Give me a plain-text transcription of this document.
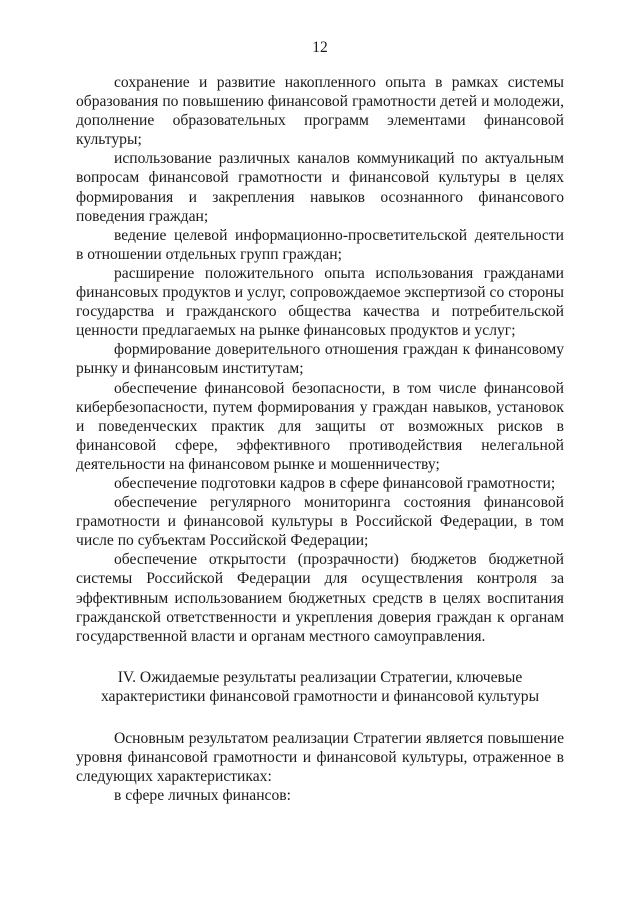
12

сохранение и развитие накопленного опыта в рамках системы образования по повышению финансовой грамотности детей и молодежи, дополнение образовательных программ элементами финансовой культуры;

использование различных каналов коммуникаций по актуальным вопросам финансовой грамотности и финансовой культуры в целях формирования и закрепления навыков осознанного финансового поведения граждан;

ведение целевой информационно-просветительской деятельности в отношении отдельных групп граждан;

расширение положительного опыта использования гражданами финансовых продуктов и услуг, сопровождаемое экспертизой со стороны государства и гражданского общества качества и потребительской ценности предлагаемых на рынке финансовых продуктов и услуг;

формирование доверительного отношения граждан к финансовому рынку и финансовым институтам;

обеспечение финансовой безопасности, в том числе финансовой кибербезопасности, путем формирования у граждан навыков, установок и поведенческих практик для защиты от возможных рисков в финансовой сфере, эффективного противодействия нелегальной деятельности на финансовом рынке и мошенничеству;

обеспечение подготовки кадров в сфере финансовой грамотности;

обеспечение регулярного мониторинга состояния финансовой грамотности и финансовой культуры в Российской Федерации, в том числе по субъектам Российской Федерации;

обеспечение открытости (прозрачности) бюджетов бюджетной системы Российской Федерации для осуществления контроля за эффективным использованием бюджетных средств в целях воспитания гражданской ответственности и укрепления доверия граждан к органам государственной власти и органам местного самоуправления.

IV. Ожидаемые результаты реализации Стратегии, ключевые
характеристики финансовой грамотности и финансовой культуры

Основным результатом реализации Стратегии является повышение уровня финансовой грамотности и финансовой культуры, отраженное в следующих характеристиках:

в сфере личных финансов:
